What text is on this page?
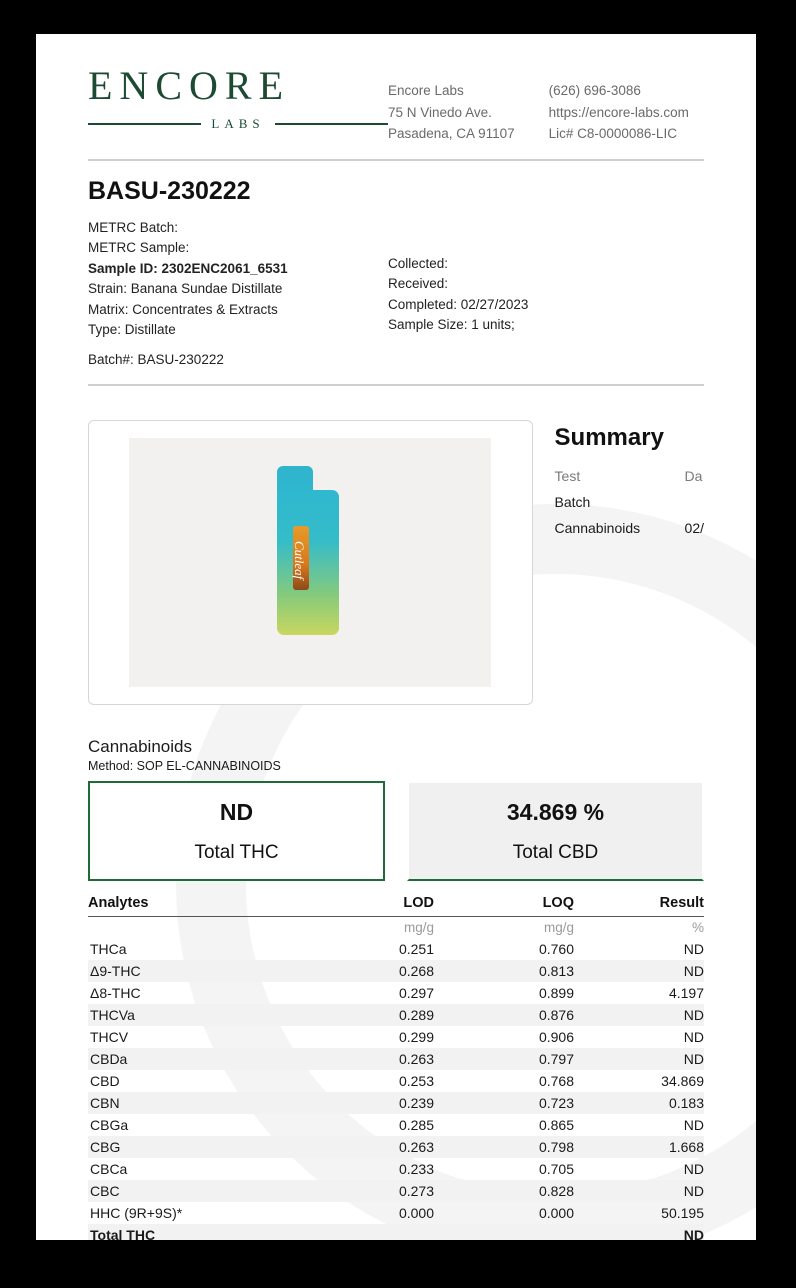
ENCORE
LABS
Encore Labs
75 N Vinedo Ave.
Pasadena, CA 91107
(626) 696-3086
https://encore-labs.com
Lic# C8-0000086-LIC
BASU-230222
METRC Batch:
METRC Sample:
Sample ID: 2302ENC2061_6531
Strain: Banana Sundae Distillate
Matrix: Concentrates & Extracts
Type: Distillate
Batch#: BASU-230222
Collected:
Received:
Completed: 02/27/2023
Sample Size: 1 units;
Cutleaf
Summary
Test	Da
Batch
Cannabinoids	02/
Cannabinoids
Method: SOP EL-CANNABINOIDS
ND
Total THC
34.869 %
Total CBD
Analytes	LOD	LOQ	Result
	mg/g	mg/g	%
THCa	0.251	0.760	ND
Δ9-THC	0.268	0.813	ND
Δ8-THC	0.297	0.899	4.197
THCVa	0.289	0.876	ND
THCV	0.299	0.906	ND
CBDa	0.263	0.797	ND
CBD	0.253	0.768	34.869
CBN	0.239	0.723	0.183
CBGa	0.285	0.865	ND
CBG	0.263	0.798	1.668
CBCa	0.233	0.705	ND
CBC	0.273	0.828	ND
HHC (9R+9S)*	0.000	0.000	50.195
Total THC			ND
